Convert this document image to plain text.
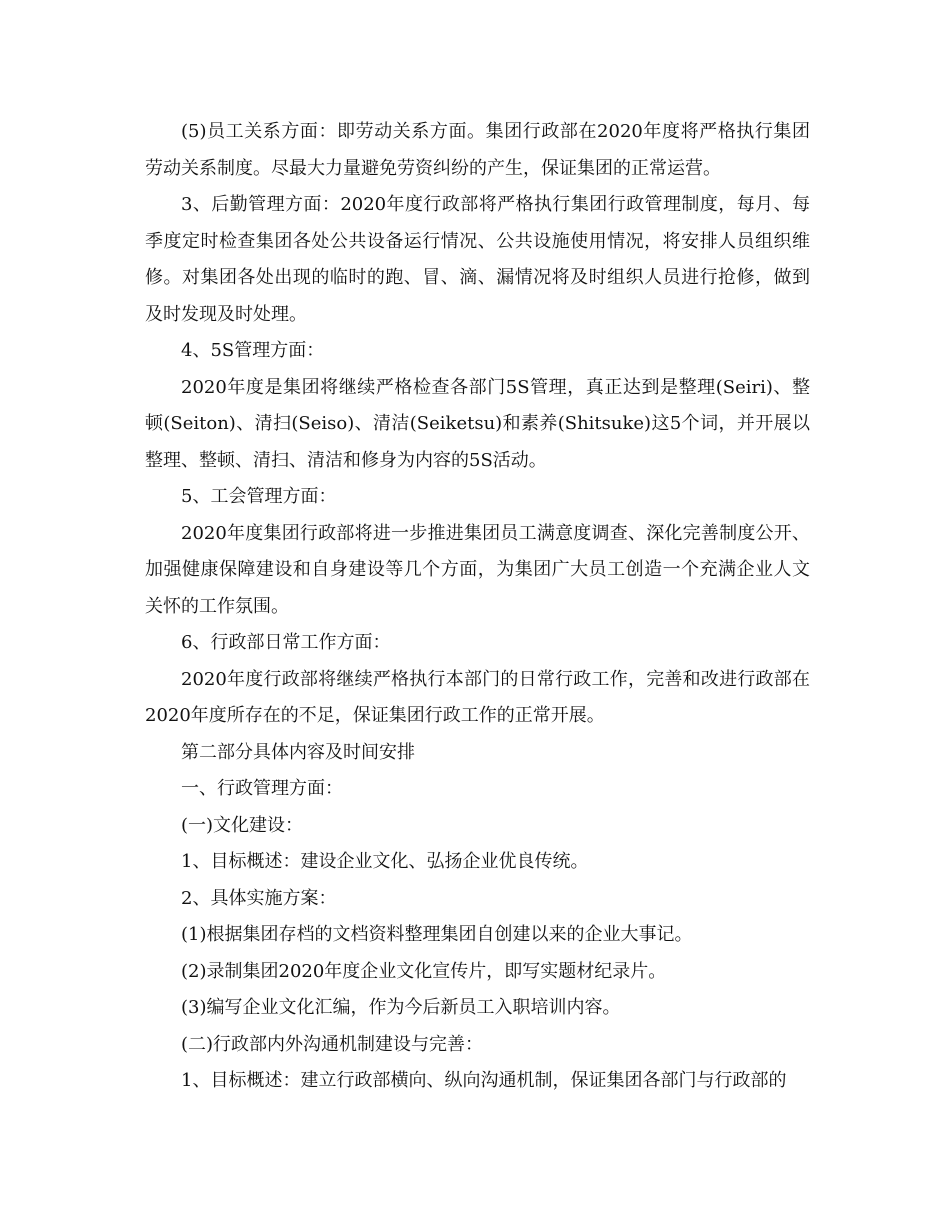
(5)员工关系方面：即劳动关系方面。集团行政部在2020年度将严格执行集团劳动关系制度。尽最大力量避免劳资纠纷的产生，保证集团的正常运营。

3、后勤管理方面：2020年度行政部将严格执行集团行政管理制度，每月、每季度定时检查集团各处公共设备运行情况、公共设施使用情况，将安排人员组织维修。对集团各处出现的临时的跑、冒、滴、漏情况将及时组织人员进行抢修，做到及时发现及时处理。

4、5S管理方面：

2020年度是集团将继续严格检查各部门5S管理，真正达到是整理(Seiri)、整顿(Seiton)、清扫(Seiso)、清洁(Seiketsu)和素养(Shitsuke)这5个词，并开展以整理、整顿、清扫、清洁和修身为内容的5S活动。

5、工会管理方面：

2020年度集团行政部将进一步推进集团员工满意度调查、深化完善制度公开、加强健康保障建设和自身建设等几个方面，为集团广大员工创造一个充满企业人文关怀的工作氛围。

6、行政部日常工作方面：

2020年度行政部将继续严格执行本部门的日常行政工作，完善和改进行政部在2020年度所存在的不足，保证集团行政工作的正常开展。

第二部分具体内容及时间安排

一、行政管理方面：

(一)文化建设：

1、目标概述：建设企业文化、弘扬企业优良传统。

2、具体实施方案：

(1)根据集团存档的文档资料整理集团自创建以来的企业大事记。

(2)录制集团2020年度企业文化宣传片，即写实题材纪录片。

(3)编写企业文化汇编，作为今后新员工入职培训内容。

(二)行政部内外沟通机制建设与完善：

1、目标概述：建立行政部横向、纵向沟通机制，保证集团各部门与行政部的
